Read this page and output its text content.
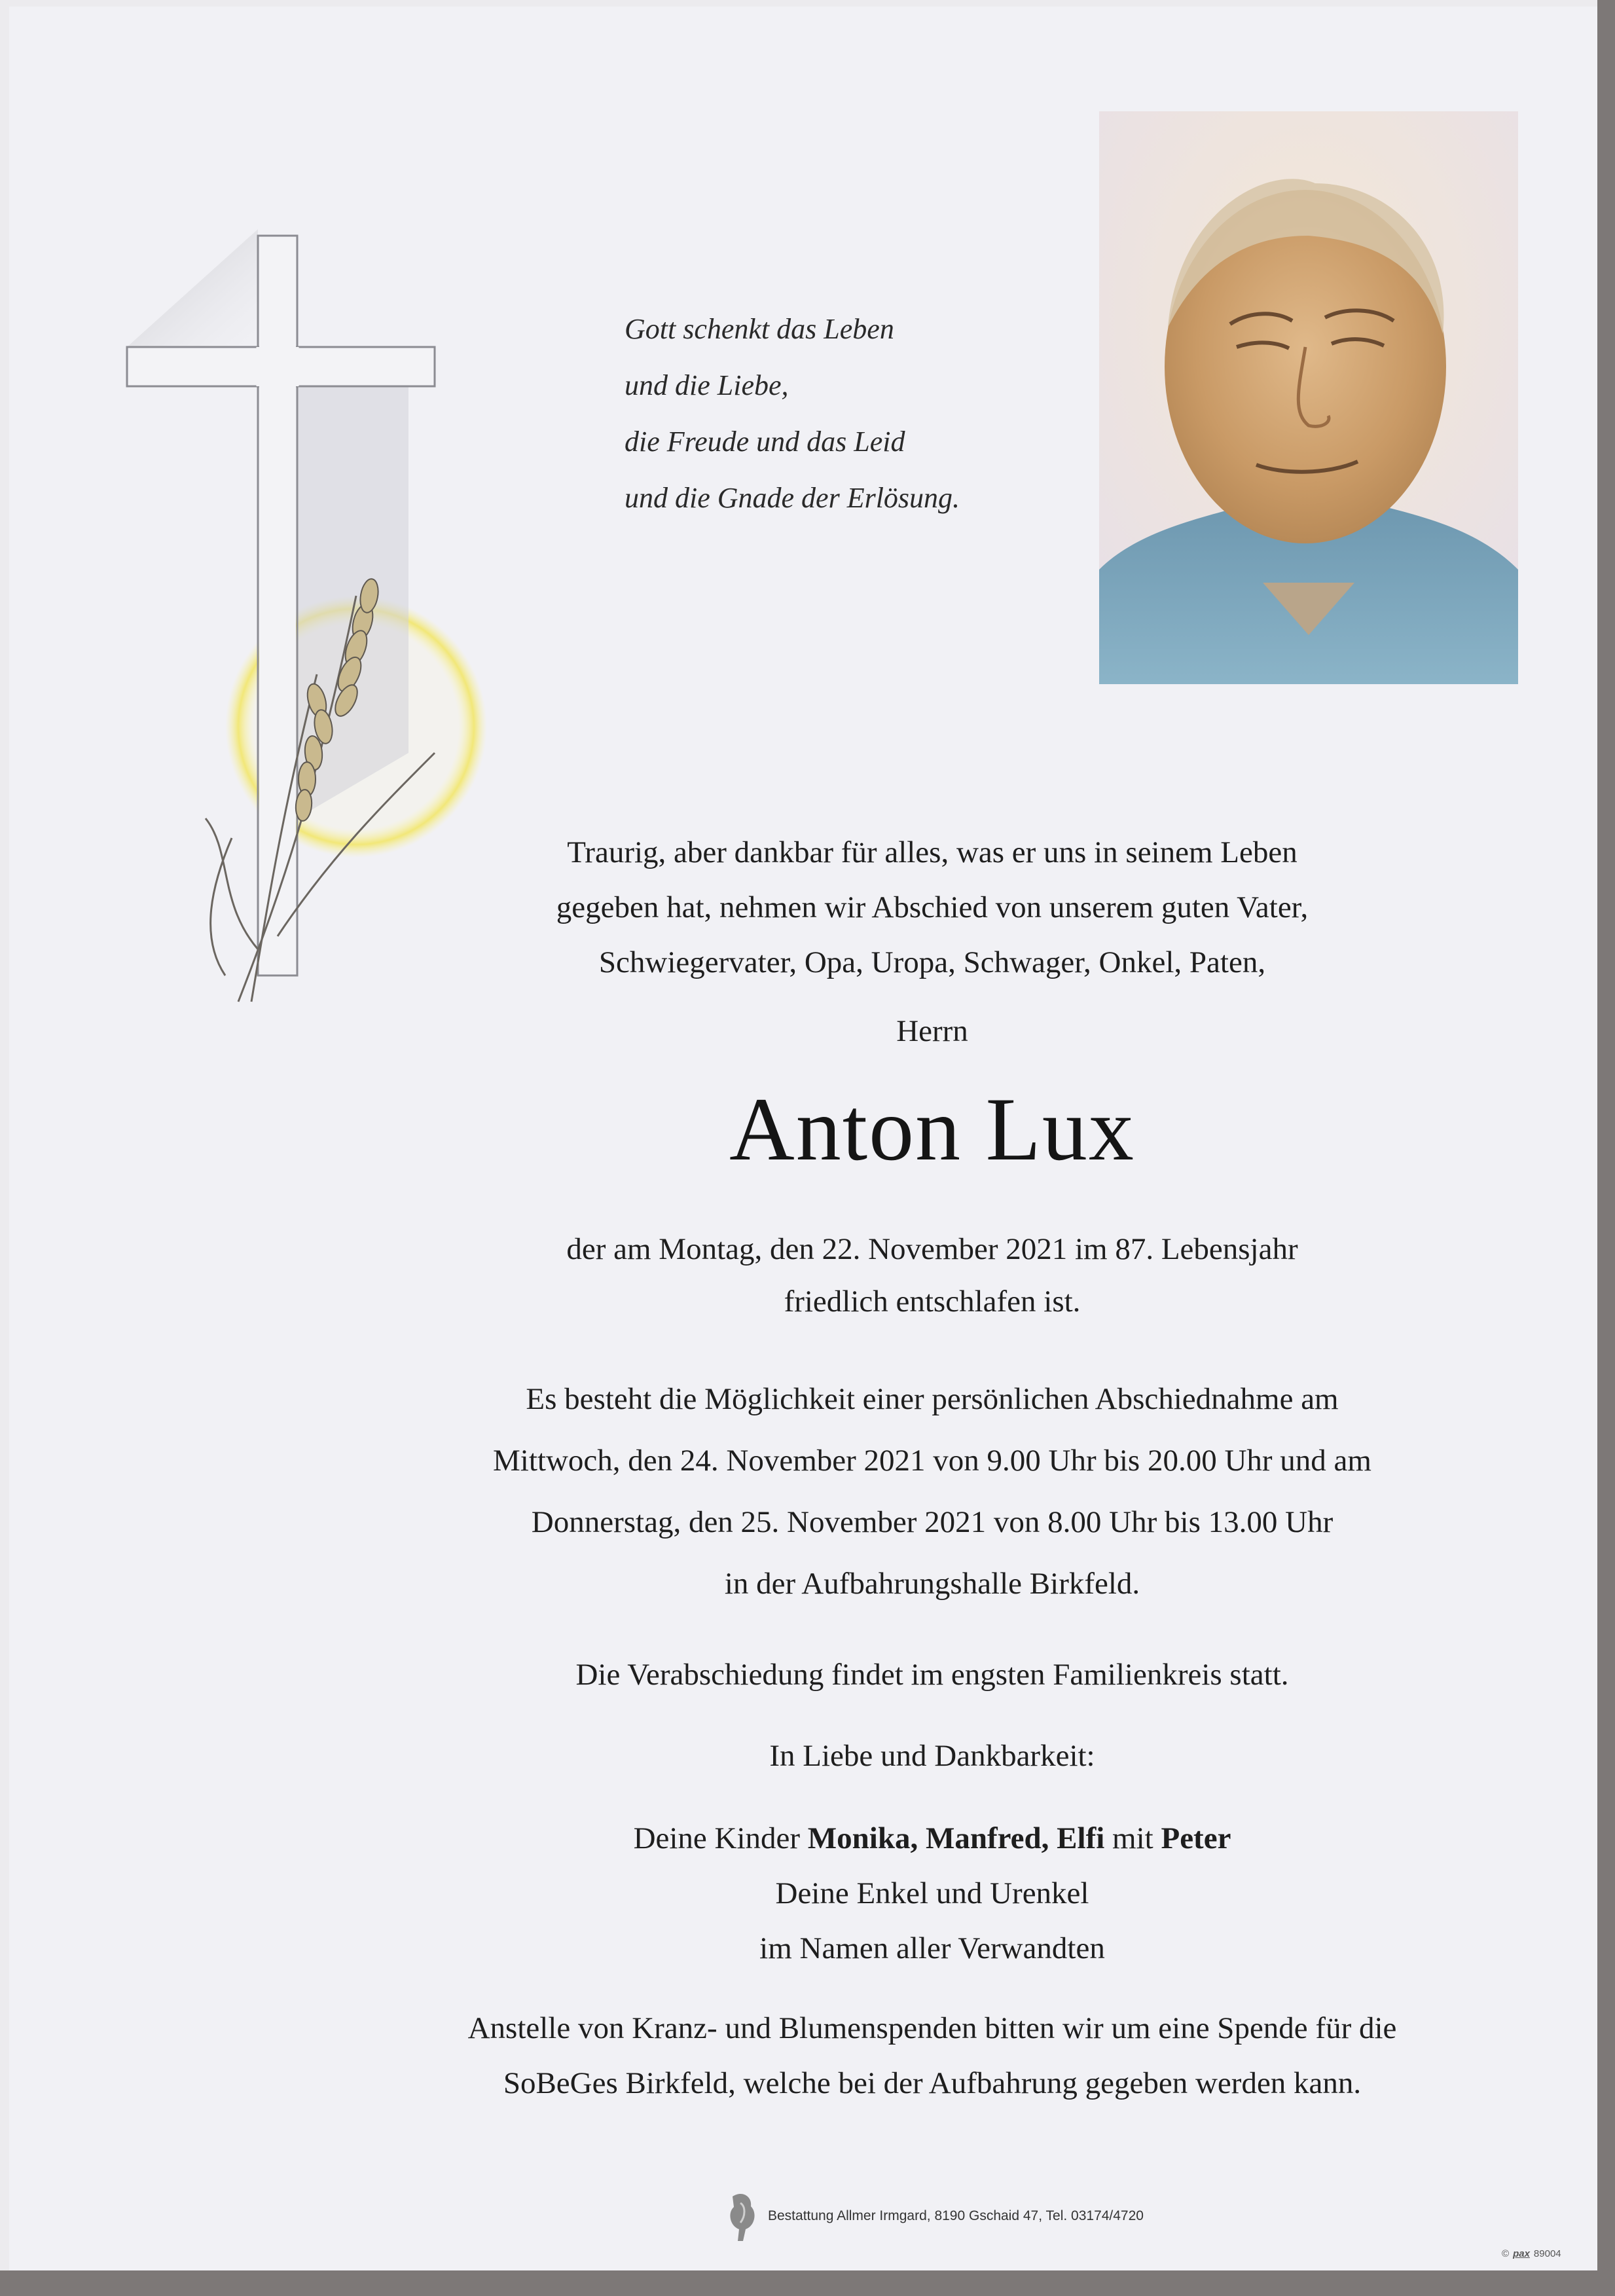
Gott schenkt das Leben
und die Liebe,
die Freude und das Leid
und die Gnade der Erlösung.
Traurig, aber dankbar für alles, was er uns in seinem Leben
gegeben hat, nehmen wir Abschied von unserem guten Vater,
Schwiegervater, Opa, Uropa, Schwager, Onkel, Paten,
Herrn
Anton Lux
der am Montag, den 22. November 2021 im 87. Lebensjahr
friedlich entschlafen ist.
Es besteht die Möglichkeit einer persönlichen Abschiednahme am
Mittwoch, den 24. November 2021 von 9.00 Uhr bis 20.00 Uhr und am
Donnerstag, den 25. November 2021 von 8.00 Uhr bis 13.00 Uhr
in der Aufbahrungshalle Birkfeld.
Die Verabschiedung findet im engsten Familienkreis statt.
In Liebe und Dankbarkeit:
Deine Kinder Monika, Manfred, Elfi mit Peter
Deine Enkel und Urenkel
im Namen aller Verwandten
Anstelle von Kranz- und Blumenspenden bitten wir um eine Spende für die
SoBeGes Birkfeld, welche bei der Aufbahrung gegeben werden kann.
Bestattung Allmer Irmgard, 8190 Gschaid 47, Tel. 03174/4720
© pax 89004
